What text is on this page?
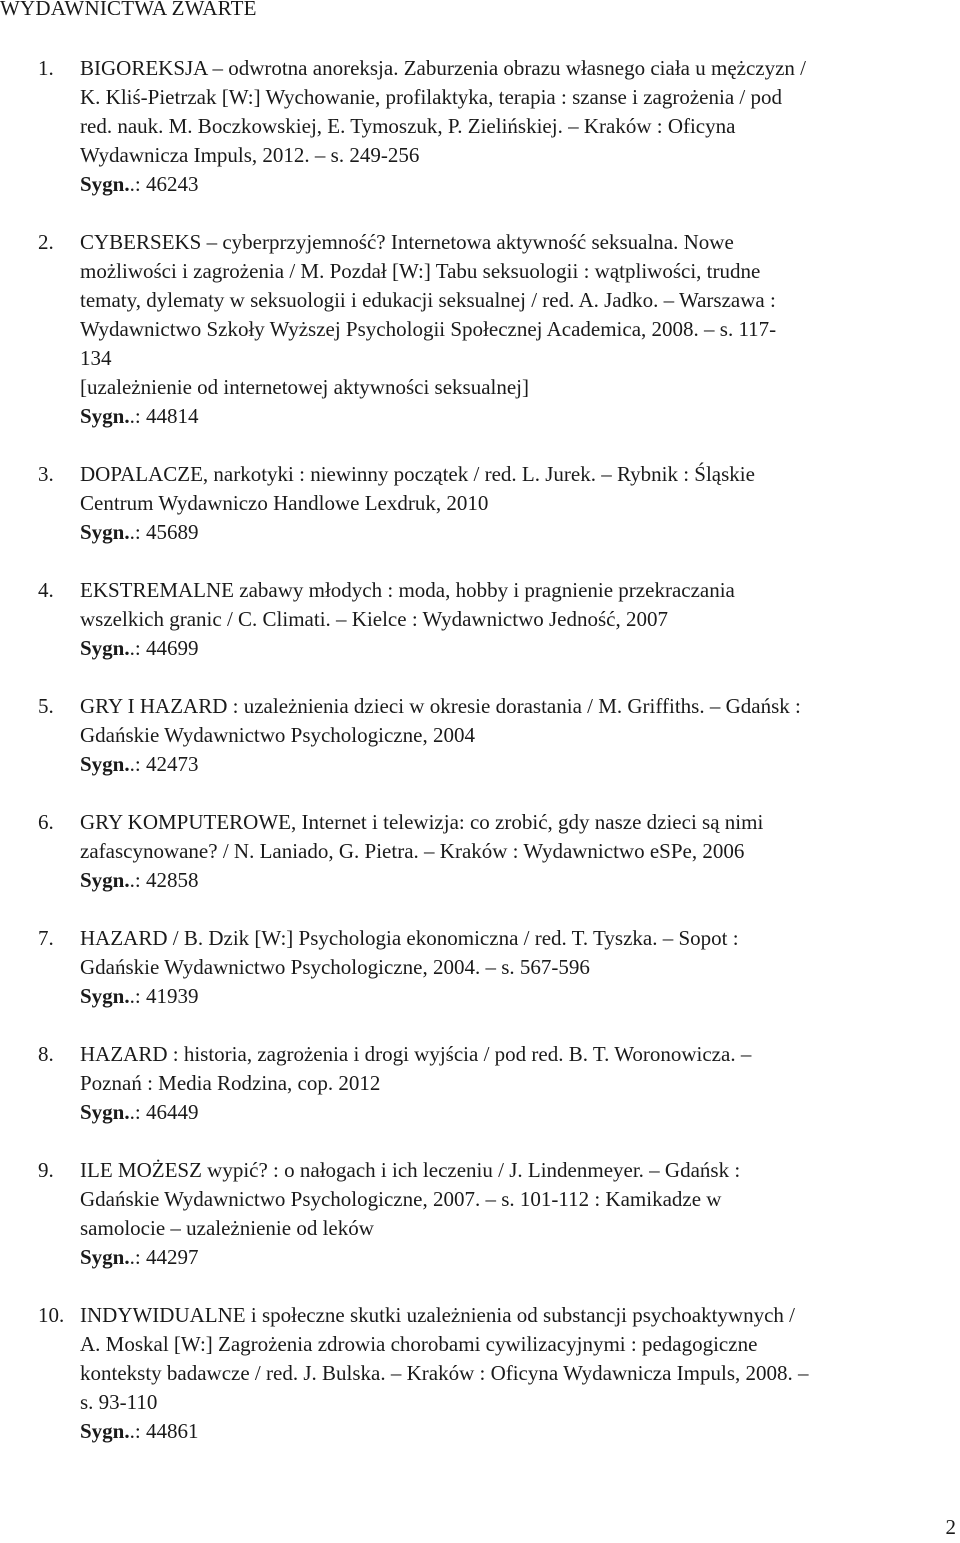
WYDAWNICTWA ZWARTE
1. BIGOREKSJA – odwrotna anoreksja. Zaburzenia obrazu własnego ciała u mężczyzn /
K. Kliś-Pietrzak [W:] Wychowanie, profilaktyka, terapia : szanse i zagrożenia / pod
red. nauk. M. Boczkowskiej, E. Tymoszuk, P. Zielińskiej. – Kraków : Oficyna
Wydawnicza Impuls, 2012. – s. 249-256
Sygn..: 46243
2. CYBERSEKS – cyberprzyjemność? Internetowa aktywność seksualna. Nowe
możliwości i zagrożenia / M. Pozdał [W:] Tabu seksuologii : wątpliwości, trudne
tematy, dylematy w seksuologii i edukacji seksualnej / red. A. Jadko. – Warszawa :
Wydawnictwo Szkoły Wyższej Psychologii Społecznej Academica, 2008. – s. 117-
134
[uzależnienie od internetowej aktywności seksualnej]
Sygn..: 44814
3. DOPALACZE, narkotyki : niewinny początek / red. L. Jurek. – Rybnik : Śląskie
Centrum Wydawniczo Handlowe Lexdruk, 2010
Sygn..: 45689
4. EKSTREMALNE zabawy młodych : moda, hobby i pragnienie przekraczania
wszelkich granic / C. Climati. – Kielce : Wydawnictwo Jedność, 2007
Sygn..: 44699
5. GRY I HAZARD : uzależnienia dzieci w okresie dorastania / M. Griffiths. – Gdańsk :
Gdańskie Wydawnictwo Psychologiczne, 2004
Sygn..: 42473
6. GRY KOMPUTEROWE, Internet i telewizja: co zrobić, gdy nasze dzieci są nimi
zafascynowane? / N. Laniado, G. Pietra. – Kraków : Wydawnictwo eSPe, 2006
Sygn..: 42858
7. HAZARD / B. Dzik [W:] Psychologia ekonomiczna / red. T. Tyszka. – Sopot :
Gdańskie Wydawnictwo Psychologiczne, 2004. – s. 567-596
Sygn..: 41939
8. HAZARD : historia, zagrożenia i drogi wyjścia / pod red. B. T. Woronowicza. –
Poznań : Media Rodzina, cop. 2012
Sygn..: 46449
9. ILE MOŻESZ wypić? : o nałogach i ich leczeniu / J. Lindenmeyer. – Gdańsk :
Gdańskie Wydawnictwo Psychologiczne, 2007. – s. 101-112 : Kamikadze w
samolocie – uzależnienie od leków
Sygn..: 44297
10. INDYWIDUALNE i społeczne skutki uzależnienia od substancji psychoaktywnych /
A. Moskal [W:] Zagrożenia zdrowia chorobami cywilizacyjnymi : pedagogiczne
konteksty badawcze / red. J. Bulska. – Kraków : Oficyna Wydawnicza Impuls, 2008. –
s. 93-110
Sygn..: 44861
2
